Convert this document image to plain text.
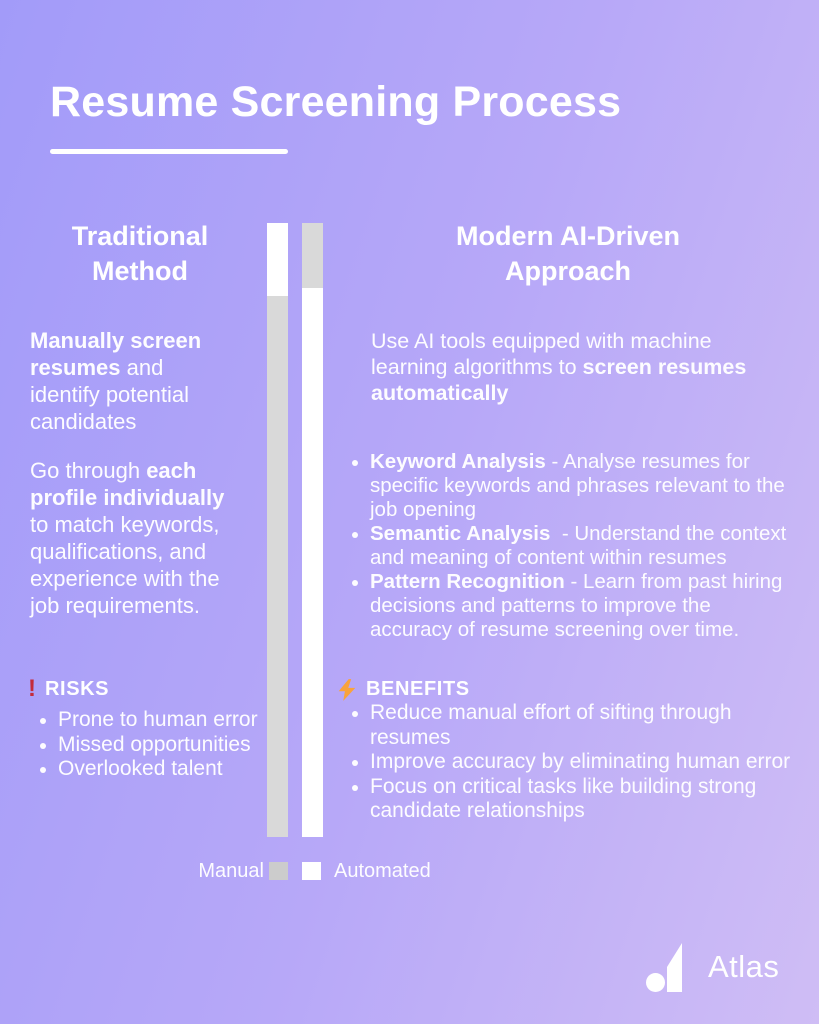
Resume Screening Process
Traditional Method
Modern AI-Driven Approach

Manually screen resumes and identify potential candidates

Go through each profile individually to match keywords, qualifications, and experience with the job requirements.

Use AI tools equipped with machine learning algorithms to screen resumes automatically

Keyword Analysis - Analyse resumes for specific keywords and phrases relevant to the job opening
Semantic Analysis - Understand the context and meaning of content within resumes
Pattern Recognition - Learn from past hiring decisions and patterns to improve the accuracy of resume screening over time.
! RISKS
Prone to human error
Missed opportunities
Overlooked talent
BENEFITS
Reduce manual effort of sifting through resumes
Improve accuracy by eliminating human error
Focus on critical tasks like building strong candidate relationships
Manual	Automated
Atlas
